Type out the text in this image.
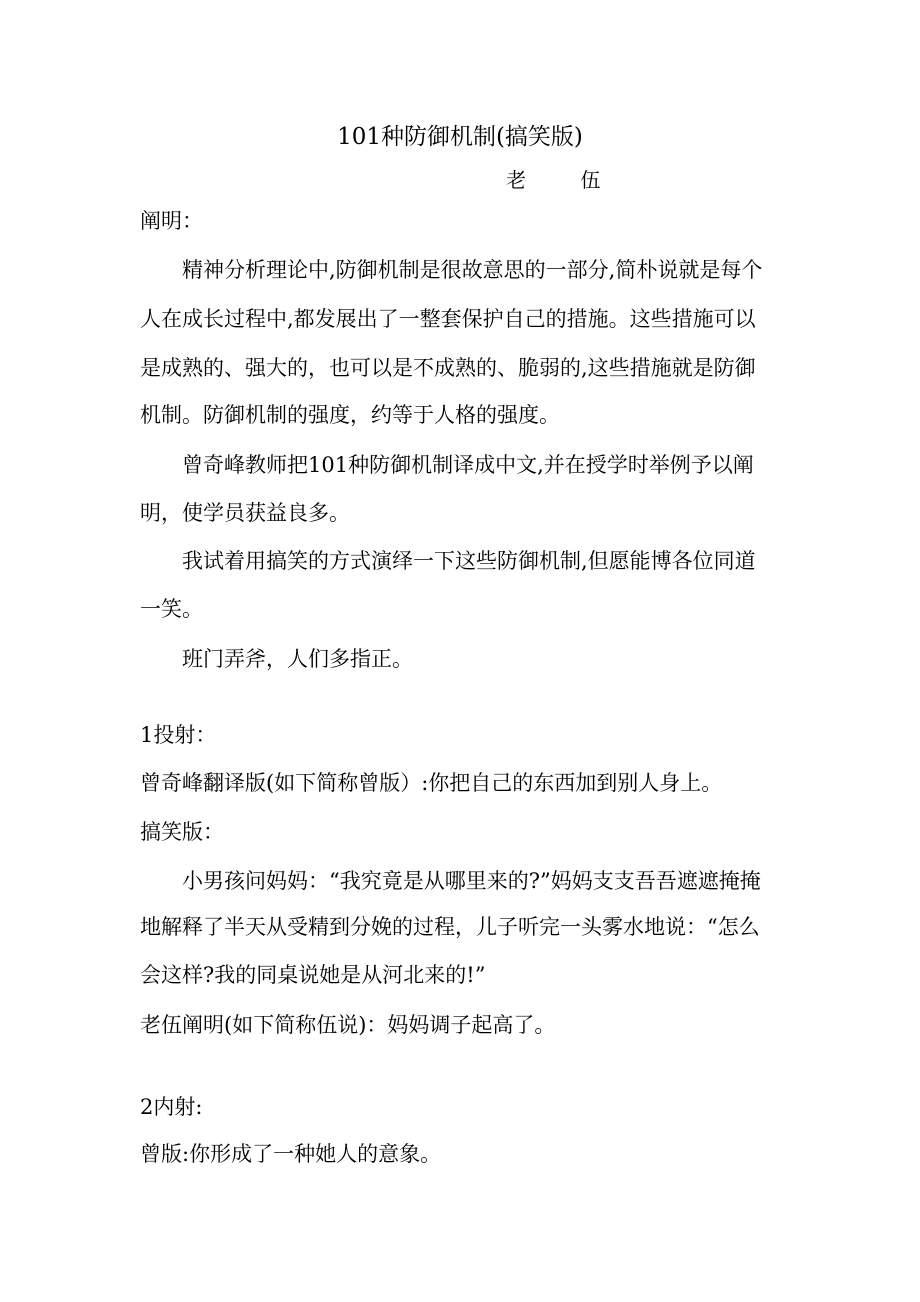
101种防御机制(搞笑版)
老 伍
阐明：
精神分析理论中,防御机制是很故意思的一部分,简朴说就是每个
人在成长过程中,都发展出了一整套保护自己的措施。这些措施可以
是成熟的、强大的，也可以是不成熟的、脆弱的,这些措施就是防御
机制。防御机制的强度，约等于人格的强度。
曾奇峰教师把101种防御机制译成中文,并在授学时举例予以阐
明，使学员获益良多。
我试着用搞笑的方式演绎一下这些防御机制,但愿能博各位同道
一笑。
班门弄斧，人们多指正。
1投射：
曾奇峰翻译版(如下简称曾版）:你把自己的东西加到别人身上。
搞笑版：
小男孩问妈妈：“我究竟是从哪里来的?”妈妈支支吾吾遮遮掩掩
地解释了半天从受精到分娩的过程，儿子听完一头雾水地说：“怎么
会这样?我的同桌说她是从河北来的!”
老伍阐明(如下简称伍说)：妈妈调子起高了。
2内射:
曾版:你形成了一种她人的意象。
